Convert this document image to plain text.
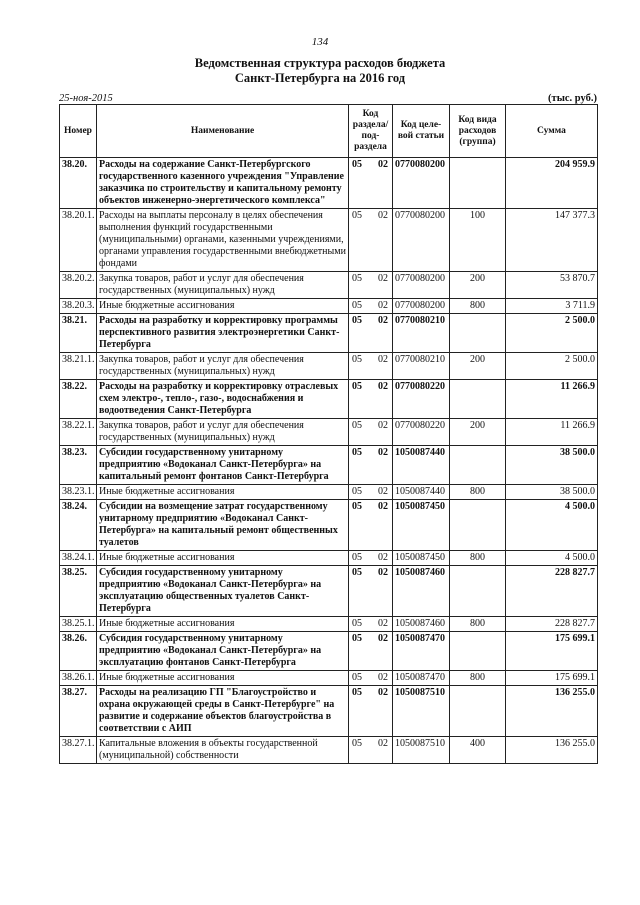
134
Ведомственная структура расходов бюджета
Санкт-Петербурга на 2016 год
25-ноя-2015	(тыс. руб.)
Номер	Наименование	Код раздела/ под-раздела	Код целе-вой статьи	Код вида расходов (группа)	Сумма
38.20.	Расходы на содержание Санкт-Петербургского государственного казенного учреждения "Управление заказчика по строительству и капитальному ремонту объектов инженерно-энергетического комплекса"	05 02	0770080200		204 959.9
38.20.1.	Расходы на выплаты персоналу в целях обеспечения выполнения функций государственными (муниципальными) органами, казенными учреждениями, органами управления государственными внебюджетными фондами	05 02	0770080200	100	147 377.3
38.20.2.	Закупка товаров, работ и услуг для обеспечения государственных (муниципальных) нужд	05 02	0770080200	200	53 870.7
38.20.3.	Иные бюджетные ассигнования	05 02	0770080200	800	3 711.9
38.21.	Расходы на разработку и корректировку программы перспективного развития электроэнергетики Санкт-Петербурга	05 02	0770080210		2 500.0
38.21.1.	Закупка товаров, работ и услуг для обеспечения государственных (муниципальных) нужд	05 02	0770080210	200	2 500.0
38.22.	Расходы на разработку и корректировку отраслевых схем электро-, тепло-, газо-, водоснабжения и водоотведения Санкт-Петербурга	05 02	0770080220		11 266.9
38.22.1.	Закупка товаров, работ и услуг для обеспечения государственных (муниципальных) нужд	05 02	0770080220	200	11 266.9
38.23.	Субсидии государственному унитарному предприятию «Водоканал Санкт-Петербурга» на капитальный ремонт фонтанов Санкт-Петербурга	05 02	1050087440		38 500.0
38.23.1.	Иные бюджетные ассигнования	05 02	1050087440	800	38 500.0
38.24.	Субсидии на возмещение затрат государственному унитарному предприятию «Водоканал Санкт-Петербурга» на капитальный ремонт общественных туалетов	05 02	1050087450		4 500.0
38.24.1.	Иные бюджетные ассигнования	05 02	1050087450	800	4 500.0
38.25.	Субсидия государственному унитарному предприятию «Водоканал Санкт-Петербурга» на эксплуатацию общественных туалетов Санкт-Петербурга	05 02	1050087460		228 827.7
38.25.1.	Иные бюджетные ассигнования	05 02	1050087460	800	228 827.7
38.26.	Субсидия государственному унитарному предприятию «Водоканал Санкт-Петербурга» на эксплуатацию фонтанов Санкт-Петербурга	05 02	1050087470		175 699.1
38.26.1.	Иные бюджетные ассигнования	05 02	1050087470	800	175 699.1
38.27.	Расходы на реализацию ГП "Благоустройство и охрана окружающей среды в Санкт-Петербурге" на развитие и содержание объектов благоустройства в соответствии с АИП	05 02	1050087510		136 255.0
38.27.1.	Капитальные вложения в объекты государственной (муниципальной) собственности	05 02	1050087510	400	136 255.0
